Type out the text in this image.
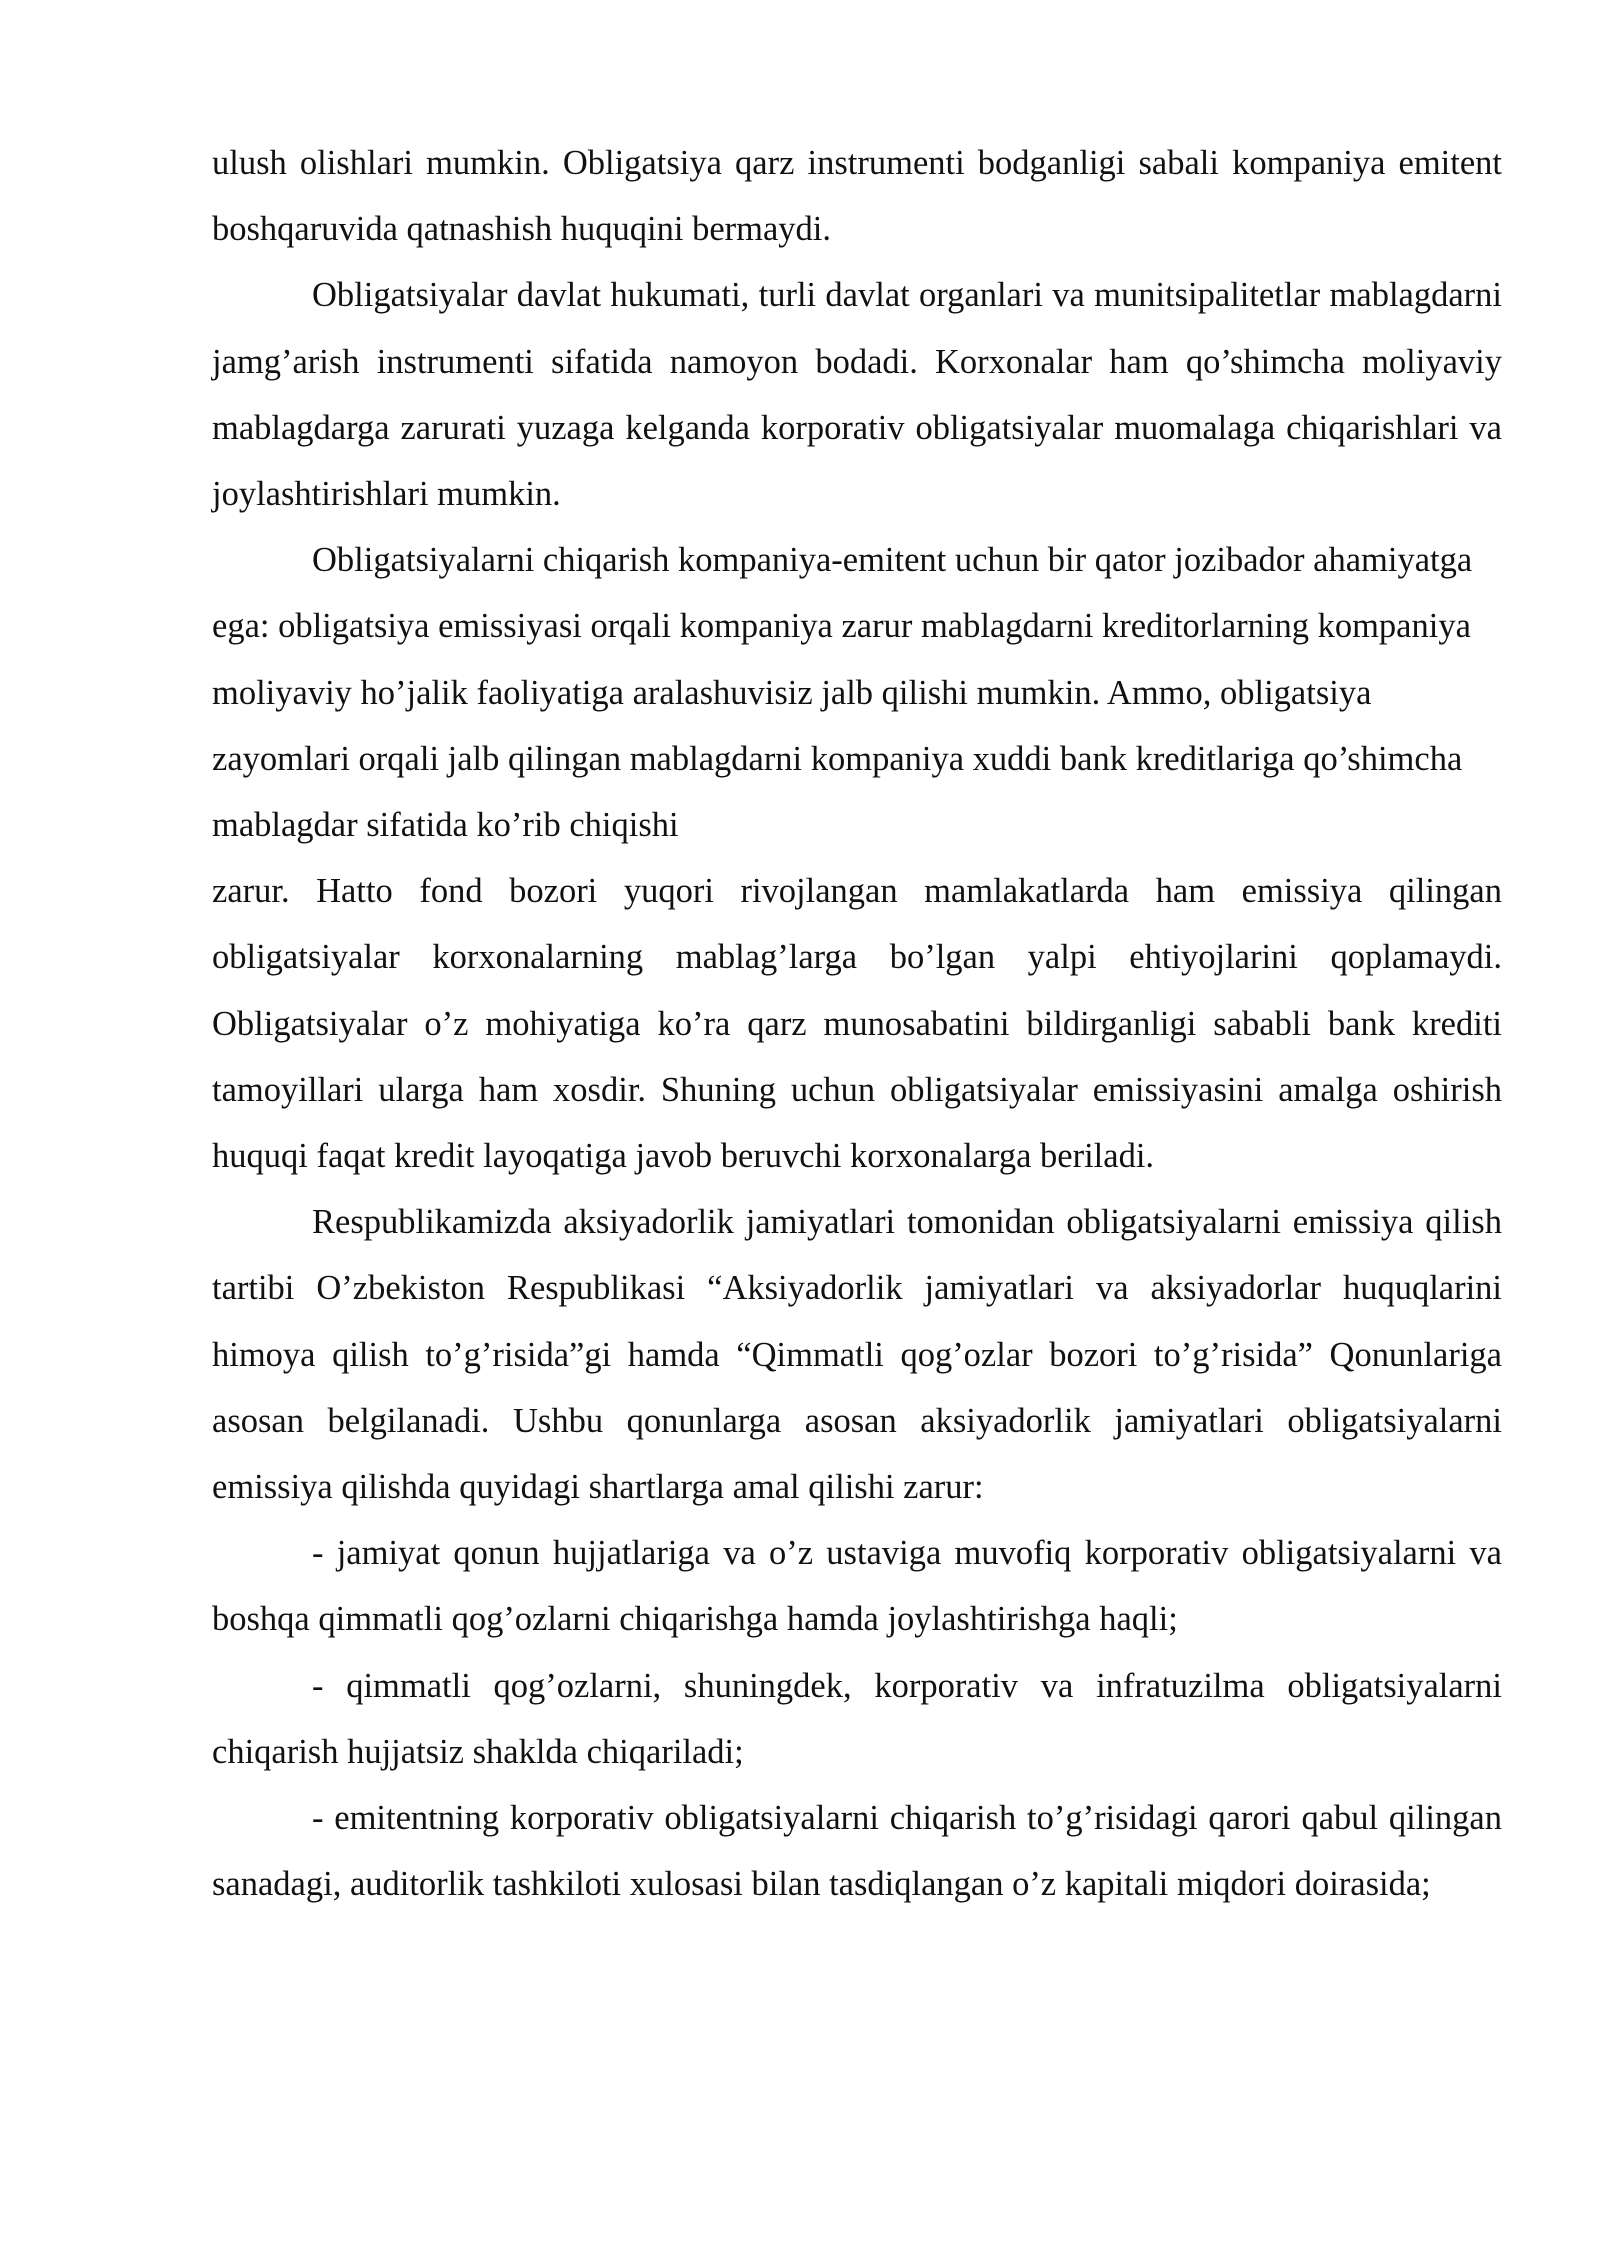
ulush olishlari mumkin. Obligatsiya qarz instrumenti bodganligi sabali kompaniya emitent boshqaruvida qatnashish huquqini bermaydi.

Obligatsiyalar davlat hukumati, turli davlat organlari va munitsipalitetlar mablagdarni jamg’arish instrumenti sifatida namoyon bodadi. Korxonalar ham qo’shimcha moliyaviy mablagdarga zarurati yuzaga kelganda korporativ obligatsiyalar muomalaga chiqarishlari va joylashtirishlari mumkin.

Obligatsiyalarni chiqarish kompaniya-emitent uchun bir qator jozibador ahamiyatga ega: obligatsiya emissiyasi orqali kompaniya zarur mablagdarni kreditorlarning kompaniya moliyaviy ho’jalik faoliyatiga aralashuvisiz jalb qilishi mumkin. Ammo, obligatsiya zayomlari orqali jalb qilingan mablagdarni kompaniya xuddi bank kreditlariga qo’shimcha mablagdar sifatida ko’rib chiqishi

zarur. Hatto fond bozori yuqori rivojlangan mamlakatlarda ham emissiya qilingan obligatsiyalar korxonalarning mablag’larga bo’lgan yalpi ehtiyojlarini qoplamaydi. Obligatsiyalar o’z mohiyatiga ko’ra qarz munosabatini bildirganligi sababli bank krediti tamoyillari ularga ham xosdir. Shuning uchun obligatsiyalar emissiyasini amalga oshirish huquqi faqat kredit layoqatiga javob beruvchi korxonalarga beriladi.

Respublikamizda aksiyadorlik jamiyatlari tomonidan obligatsiyalarni emissiya qilish tartibi O’zbekiston Respublikasi “Aksiyadorlik jamiyatlari va aksiyadorlar huquqlarini himoya qilish to’g’risida”gi hamda “Qimmatli qog’ozlar bozori to’g’risida” Qonunlariga asosan belgilanadi. Ushbu qonunlarga asosan aksiyadorlik jamiyatlari obligatsiyalarni emissiya qilishda quyidagi shartlarga amal qilishi zarur:

- jamiyat qonun hujjatlariga va o’z ustaviga muvofiq korporativ obligatsiyalarni va boshqa qimmatli qog’ozlarni chiqarishga hamda joylashtirishga haqli;

- qimmatli qog’ozlarni, shuningdek, korporativ va infratuzilma obligatsiyalarni chiqarish hujjatsiz shaklda chiqariladi;

- emitentning korporativ obligatsiyalarni chiqarish to’g’risidagi qarori qabul qilingan sanadagi, auditorlik tashkiloti xulosasi bilan tasdiqlangan o’z kapitali miqdori doirasida;
